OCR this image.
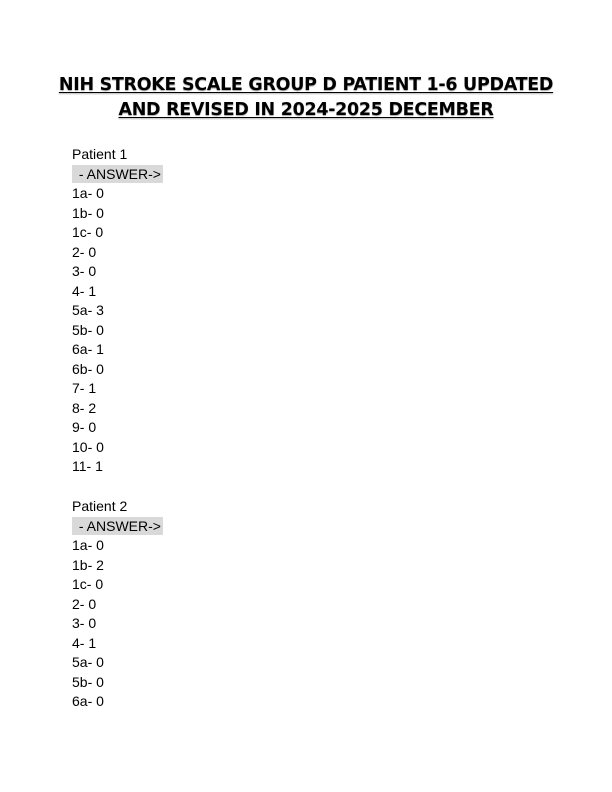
NIH STROKE SCALE GROUP D PATIENT 1-6 UPDATED
AND REVISED IN 2024-2025 DECEMBER
Patient 1
- ANSWER->
1a- 0
1b- 0
1c- 0
2- 0
3- 0
4- 1
5a- 3
5b- 0
6a- 1
6b- 0
7- 1
8- 2
9- 0
10- 0
11- 1
Patient 2
- ANSWER->
1a- 0
1b- 2
1c- 0
2- 0
3- 0
4- 1
5a- 0
5b- 0
6a- 0
